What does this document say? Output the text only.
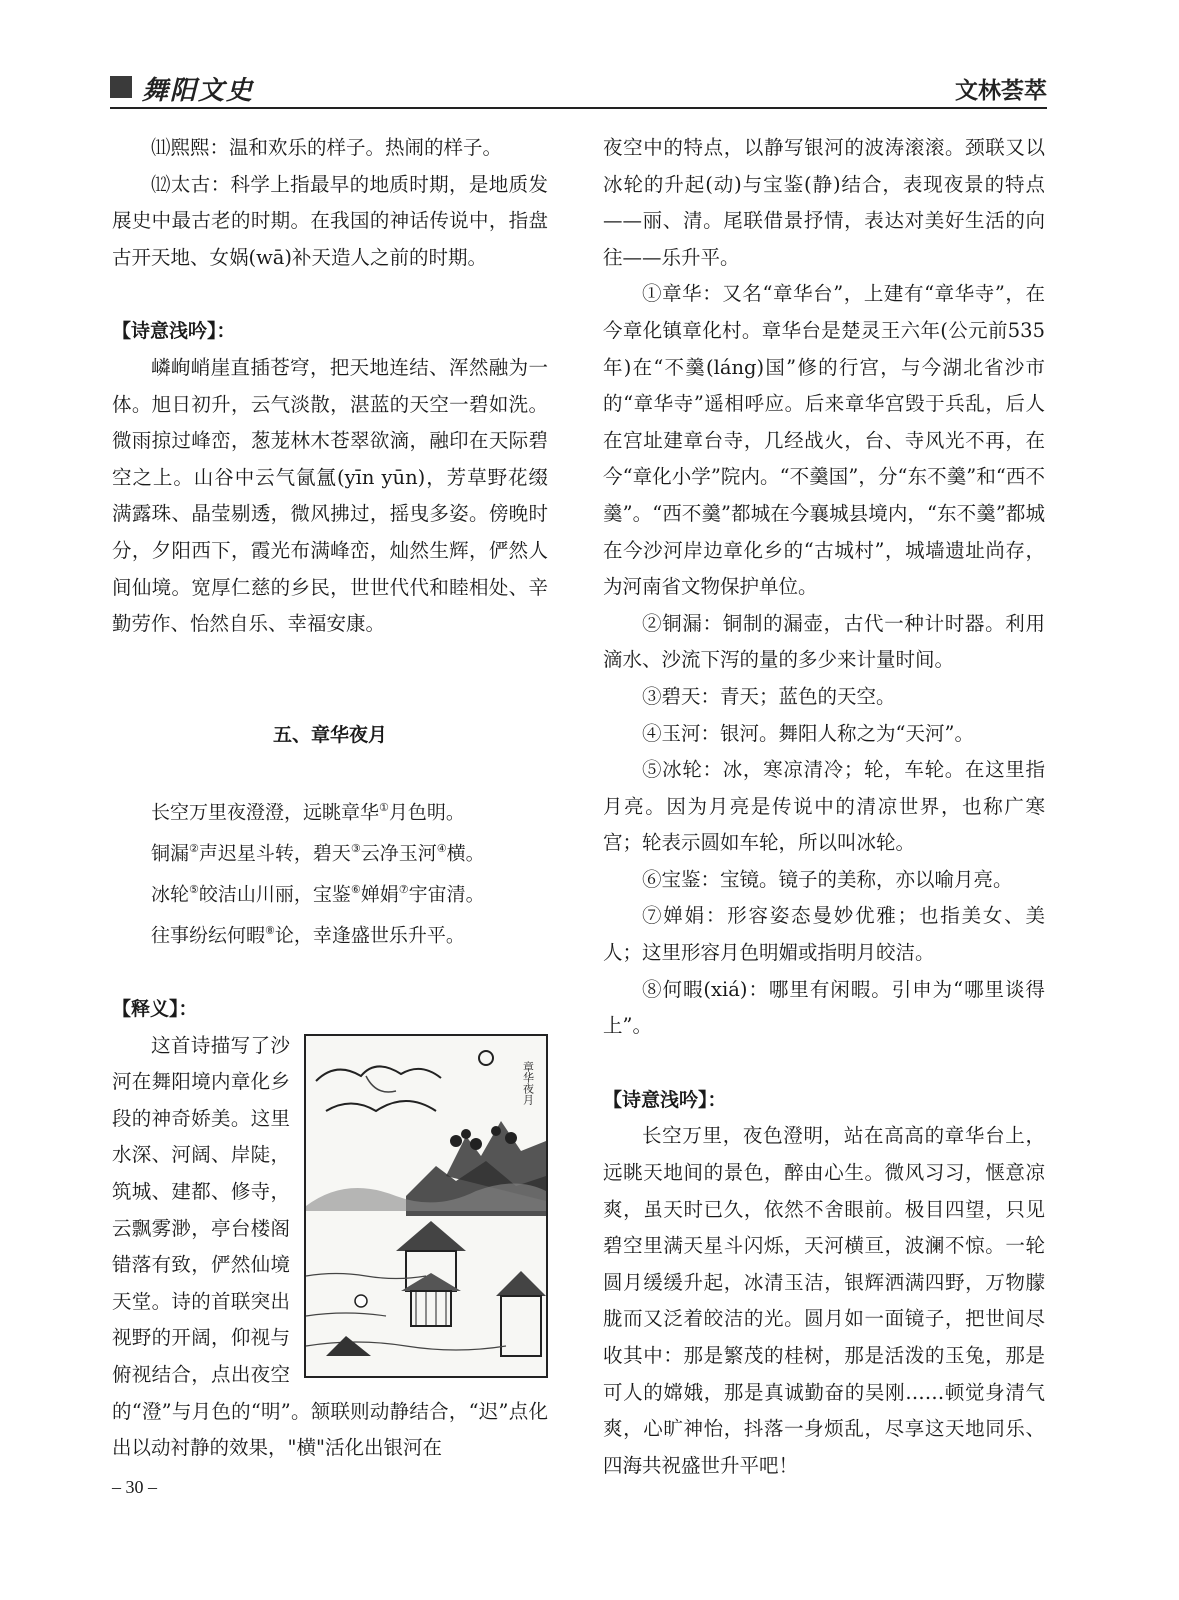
舞阳文史	文林荟萃

⑾熙熙：温和欢乐的样子。热闹的样子。

⑿太古：科学上指最早的地质时期，是地质发展史中最古老的时期。在我国的神话传说中，指盘古开天地、女娲(wā)补天造人之前的时期。

【诗意浅吟】：

嶙峋峭崖直插苍穹，把天地连结、浑然融为一体。旭日初升，云气淡散，湛蓝的天空一碧如洗。微雨掠过峰峦，葱茏林木苍翠欲滴，融印在天际碧空之上。山谷中云气氤氲(yīn yūn)，芳草野花缀满露珠、晶莹剔透，微风拂过，摇曳多姿。傍晚时分，夕阳西下，霞光布满峰峦，灿然生辉，俨然人间仙境。宽厚仁慈的乡民，世世代代和睦相处、辛勤劳作、怡然自乐、幸福安康。

五、章华夜月

长空万里夜澄澄，远眺章华①月色明。

铜漏②声迟星斗转，碧天③云净玉河④横。

冰轮⑤皎洁山川丽，宝鉴⑥婵娟⑦宇宙清。

往事纷纭何暇⑧论，幸逢盛世乐升平。

【释义】：

章华夜月

这首诗描写了沙河在舞阳境内章化乡段的神奇娇美。这里水深、河阔、岸陡，筑城、建都、修寺，云飘雾渺，亭台楼阁错落有致，俨然仙境天堂。诗的首联突出视野的开阔，仰视与俯视结合，点出夜空的“澄”与月色的“明”。颔联则动静结合，“迟”点化出以动衬静的效果，"横"活化出银河在

夜空中的特点，以静写银河的波涛滚滚。颈联又以冰轮的升起(动)与宝鉴(静)结合，表现夜景的特点——丽、清。尾联借景抒情，表达对美好生活的向往——乐升平。

①章华：又名“章华台”，上建有“章华寺”，在今章化镇章化村。章华台是楚灵王六年(公元前535年)在“不羹(láng)国”修的行宫，与今湖北省沙市的“章华寺”遥相呼应。后来章华宫毁于兵乱，后人在宫址建章台寺，几经战火，台、寺风光不再，在今“章化小学”院内。“不羹国”，分“东不羹”和“西不羹”。“西不羹”都城在今襄城县境内，“东不羹”都城在今沙河岸边章化乡的“古城村”，城墙遗址尚存，为河南省文物保护单位。

②铜漏：铜制的漏壶，古代一种计时器。利用滴水、沙流下泻的量的多少来计量时间。

③碧天：青天；蓝色的天空。

④玉河：银河。舞阳人称之为“天河”。

⑤冰轮：冰，寒凉清冷；轮，车轮。在这里指月亮。因为月亮是传说中的清凉世界，也称广寒宫；轮表示圆如车轮，所以叫冰轮。

⑥宝鉴：宝镜。镜子的美称，亦以喻月亮。

⑦婵娟：形容姿态曼妙优雅；也指美女、美人；这里形容月色明媚或指明月皎洁。

⑧何暇(xiá)：哪里有闲暇。引申为“哪里谈得上”。

【诗意浅吟】：

长空万里，夜色澄明，站在高高的章华台上，远眺天地间的景色，醉由心生。微风习习，惬意凉爽，虽天时已久，依然不舍眼前。极目四望，只见碧空里满天星斗闪烁，天河横亘，波澜不惊。一轮圆月缓缓升起，冰清玉洁，银辉洒满四野，万物朦胧而又泛着皎洁的光。圆月如一面镜子，把世间尽收其中：那是繁茂的桂树，那是活泼的玉兔，那是可人的嫦娥，那是真诚勤奋的吴刚……顿觉身清气爽，心旷神怡，抖落一身烦乱，尽享这天地同乐、四海共祝盛世升平吧！

– 30 –
